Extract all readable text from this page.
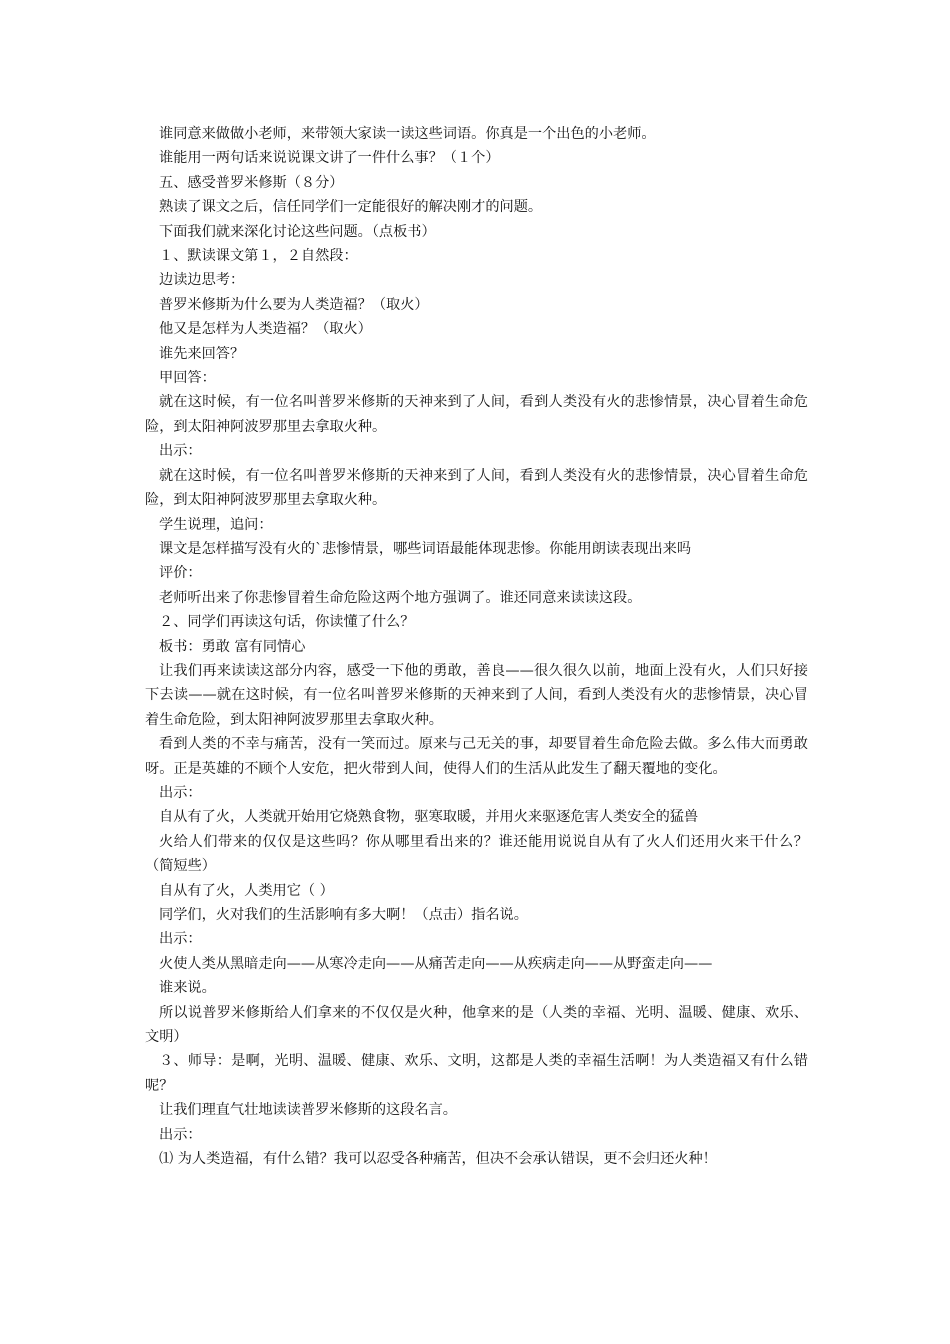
谁同意来做做小老师，来带领大家读一读这些词语。你真是一个出色的小老师。

谁能用一两句话来说说课文讲了一件什么事？（１个）

五、感受普罗米修斯（８分）

熟读了课文之后，信任同学们一定能很好的解决刚才的问题。

下面我们就来深化讨论这些问题。（点板书）

１、默读课文第１，２自然段：

边读边思考：

普罗米修斯为什么要为人类造福？（取火）

他又是怎样为人类造福？（取火）

谁先来回答？

甲回答：

就在这时候，有一位名叫普罗米修斯的天神来到了人间，看到人类没有火的悲惨情景，决心冒着生命危险，到太阳神阿波罗那里去拿取火种。

出示：

就在这时候，有一位名叫普罗米修斯的天神来到了人间，看到人类没有火的悲惨情景，决心冒着生命危险，到太阳神阿波罗那里去拿取火种。

学生说理，追问：

课文是怎样描写没有火的`悲惨情景，哪些词语最能体现悲惨。你能用朗读表现出来吗

评价：

老师听出来了你悲惨冒着生命危险这两个地方强调了。谁还同意来读读这段。

２、同学们再读这句话，你读懂了什么？

板书：勇敢 富有同情心

让我们再来读读这部分内容，感受一下他的勇敢，善良——很久很久以前，地面上没有火，人们只好接下去读——就在这时候，有一位名叫普罗米修斯的天神来到了人间，看到人类没有火的悲惨情景，决心冒着生命危险，到太阳神阿波罗那里去拿取火种。

看到人类的不幸与痛苦，没有一笑而过。原来与己无关的事，却要冒着生命危险去做。多么伟大而勇敢呀。正是英雄的不顾个人安危，把火带到人间，使得人们的生活从此发生了翻天覆地的变化。

出示：

自从有了火，人类就开始用它烧熟食物，驱寒取暖，并用火来驱逐危害人类安全的猛兽

火给人们带来的仅仅是这些吗？你从哪里看出来的？谁还能用说说自从有了火人们还用火来干什么？（简短些）

自从有了火，人类用它（ ）

同学们，火对我们的生活影响有多大啊！（点击）指名说。

出示：

火使人类从黑暗走向——从寒冷走向——从痛苦走向——从疾病走向——从野蛮走向——

谁来说。

所以说普罗米修斯给人们拿来的不仅仅是火种，他拿来的是（人类的幸福、光明、温暖、健康、欢乐、文明）

３、师导：是啊，光明、温暖、健康、欢乐、文明，这都是人类的幸福生活啊！为人类造福又有什么错呢？

让我们理直气壮地读读普罗米修斯的这段名言。

出示：

⑴ 为人类造福，有什么错？我可以忍受各种痛苦，但决不会承认错误，更不会归还火种！
